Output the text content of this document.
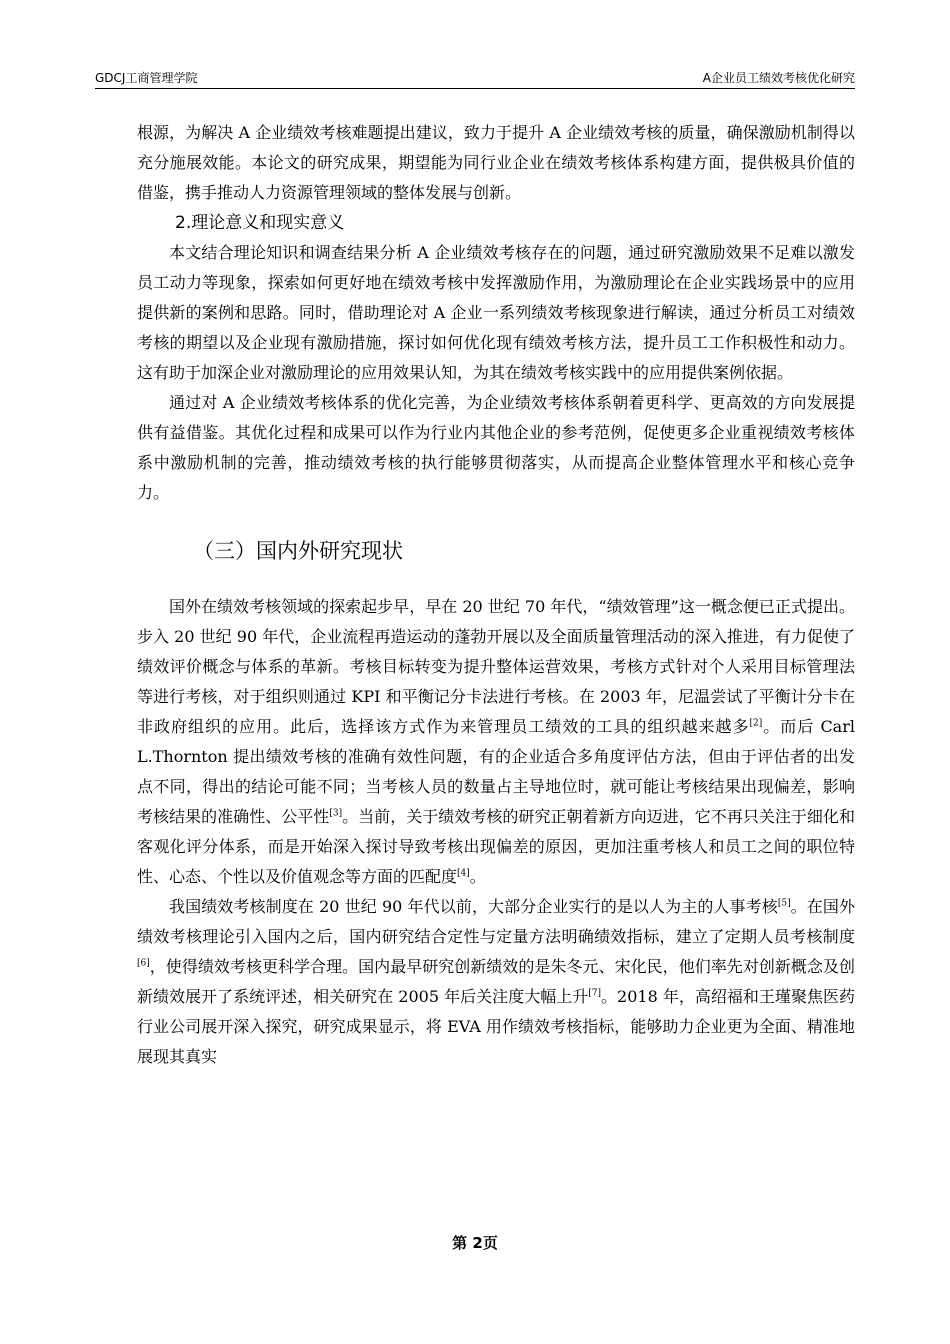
GDCJ工商管理学院	A企业员工绩效考核优化研究

根源，为解决 A 企业绩效考核难题提出建议，致力于提升 A 企业绩效考核的质量，确保激励机制得以充分施展效能。本论文的研究成果，期望能为同行业企业在绩效考核体系构建方面，提供极具价值的借鉴，携手推动人力资源管理领域的整体发展与创新。

2.理论意义和现实意义

本文结合理论知识和调查结果分析 A 企业绩效考核存在的问题，通过研究激励效果不足难以激发员工动力等现象，探索如何更好地在绩效考核中发挥激励作用，为激励理论在企业实践场景中的应用提供新的案例和思路。同时，借助理论对 A 企业一系列绩效考核现象进行解读，通过分析员工对绩效考核的期望以及企业现有激励措施，探讨如何优化现有绩效考核方法，提升员工工作积极性和动力。这有助于加深企业对激励理论的应用效果认知，为其在绩效考核实践中的应用提供案例依据。

通过对 A 企业绩效考核体系的优化完善，为企业绩效考核体系朝着更科学、更高效的方向发展提供有益借鉴。其优化过程和成果可以作为行业内其他企业的参考范例，促使更多企业重视绩效考核体系中激励机制的完善，推动绩效考核的执行能够贯彻落实，从而提高企业整体管理水平和核心竞争力。

（三）国内外研究现状

国外在绩效考核领域的探索起步早，早在 20 世纪 70 年代，“绩效管理”这一概念便已正式提出。步入 20 世纪 90 年代，企业流程再造运动的蓬勃开展以及全面质量管理活动的深入推进，有力促使了绩效评价概念与体系的革新。考核目标转变为提升整体运营效果，考核方式针对个人采用目标管理法等进行考核，对于组织则通过 KPI 和平衡记分卡法进行考核。在 2003 年，尼温尝试了平衡计分卡在非政府组织的应用。此后，选择该方式作为来管理员工绩效的工具的组织越来越多[2]。而后 Carl L.Thornton 提出绩效考核的准确有效性问题，有的企业适合多角度评估方法，但由于评估者的出发点不同，得出的结论可能不同；当考核人员的数量占主导地位时，就可能让考核结果出现偏差，影响考核结果的准确性、公平性[3]。当前，关于绩效考核的研究正朝着新方向迈进，它不再只关注于细化和客观化评分体系，而是开始深入探讨导致考核出现偏差的原因，更加注重考核人和员工之间的职位特性、心态、个性以及价值观念等方面的匹配度[4]。

我国绩效考核制度在 20 世纪 90 年代以前，大部分企业实行的是以人为主的人事考核[5]。在国外绩效考核理论引入国内之后，国内研究结合定性与定量方法明确绩效指标，建立了定期人员考核制度[6]，使得绩效考核更科学合理。国内最早研究创新绩效的是朱冬元、宋化民，他们率先对创新概念及创新绩效展开了系统评述，相关研究在 2005 年后关注度大幅上升[7]。2018 年，高绍福和王瑾聚焦医药行业公司展开深入探究，研究成果显示，将 EVA 用作绩效考核指标，能够助力企业更为全面、精准地展现其真实

第 2页
